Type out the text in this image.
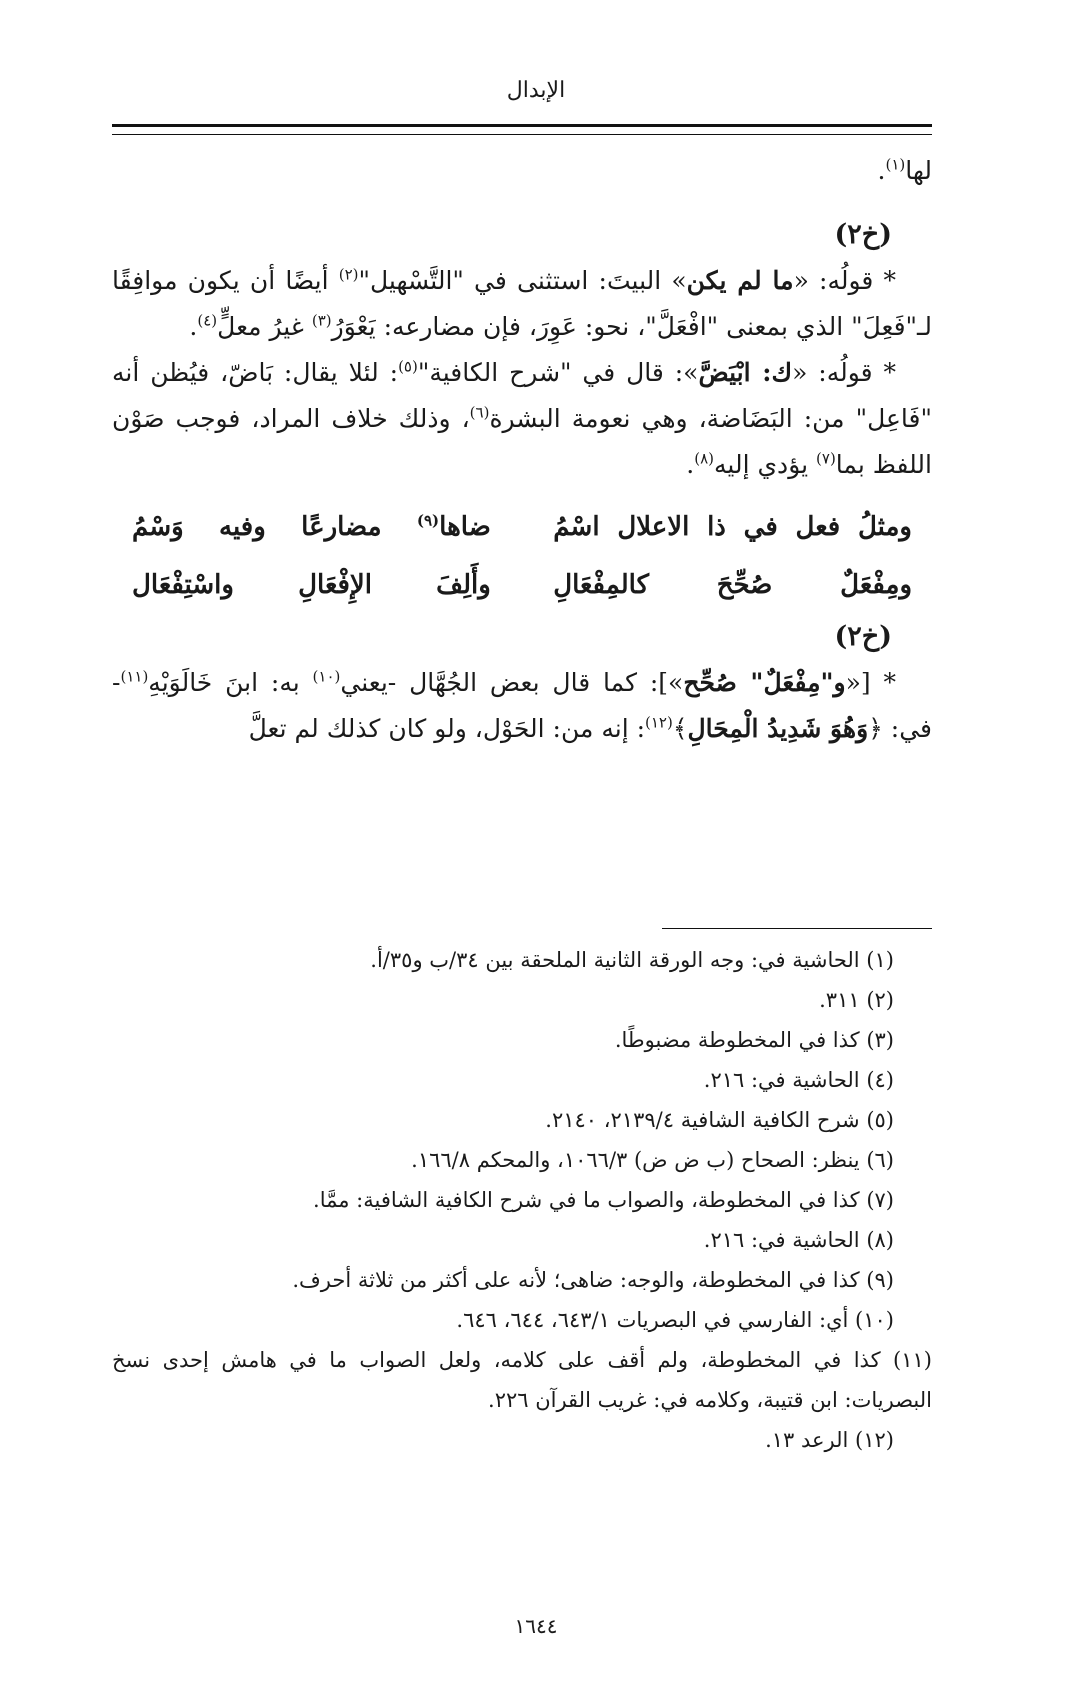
الإبدال

لها$^{(١)}$.

(خ٢)

* قولُه: «ما لم يكن» البيتَ: استثنى في "التَّسْهيل"$^{(٢)}$ أيضًا أن يكون موافِقًا لـ"فَعِلَ" الذي بمعنى "افْعَلَّ"، نحو: عَوِرَ، فإن مضارعه: يَعْوَرُ$^{(٣)}$ غيرُ معلٍّ$^{(٤)}$.

* قولُه: «ك: ابْيَضَّ»: قال في "شرح الكافية"$^{(٥)}$: لئلا يقال: بَاضّ، فيُظن أنه "فَاعِل" من: البَضَاضة، وهي نعومة البشرة$^{(٦)}$، وذلك خلاف المراد، فوجب صَوْن اللفظ بما$^{(٧)}$ يؤدي إليه$^{(٨)}$.

ومثلُ
فعل
في
ذا
الاعلال
اسْمُ
ضاها$^{(٩)}$
مضارعًا
وفيه
وَسْمُ
ومِفْعَلٌ
صُحِّحَ
كالمِفْعَالِ
وأَلِفَ
الإِفْعَالِ
واسْتِفْعَال

(خ٢)

* [«و"مِفْعَلٌ" صُحِّح»]: كما قال بعض الجُهَّال -يعني$^{(١٠)}$ به: ابنَ خَالَوَيْهِ$^{(١١)}$- في: ﴿وَهُوَ شَدِيدُ الْمِحَالِ﴾$^{(١٢)}$: إنه من: الحَوْل، ولو كان كذلك لم تعلَّ

(١) الحاشية في: وجه الورقة الثانية الملحقة بين ٣٤/ب و٣٥/أ.

(٢) ٣١١.

(٣) كذا في المخطوطة مضبوطًا.

(٤) الحاشية في: ٢١٦.

(٥) شرح الكافية الشافية ٢١٣٩/٤، ٢١٤٠.

(٦) ينظر: الصحاح (ب ض ض) ١٠٦٦/٣، والمحكم ١٦٦/٨.

(٧) كذا في المخطوطة، والصواب ما في شرح الكافية الشافية: ممَّا.

(٨) الحاشية في: ٢١٦.

(٩) كذا في المخطوطة، والوجه: ضاهى؛ لأنه على أكثر من ثلاثة أحرف.

(١٠) أي: الفارسي في البصريات ٦٤٣/١، ٦٤٤، ٦٤٦.

(١١) كذا في المخطوطة، ولم أقف على كلامه، ولعل الصواب ما في هامش إحدى نسخ البصريات: ابن قتيبة، وكلامه في: غريب القرآن ٢٢٦.

(١٢) الرعد ١٣.

١٦٤٤
